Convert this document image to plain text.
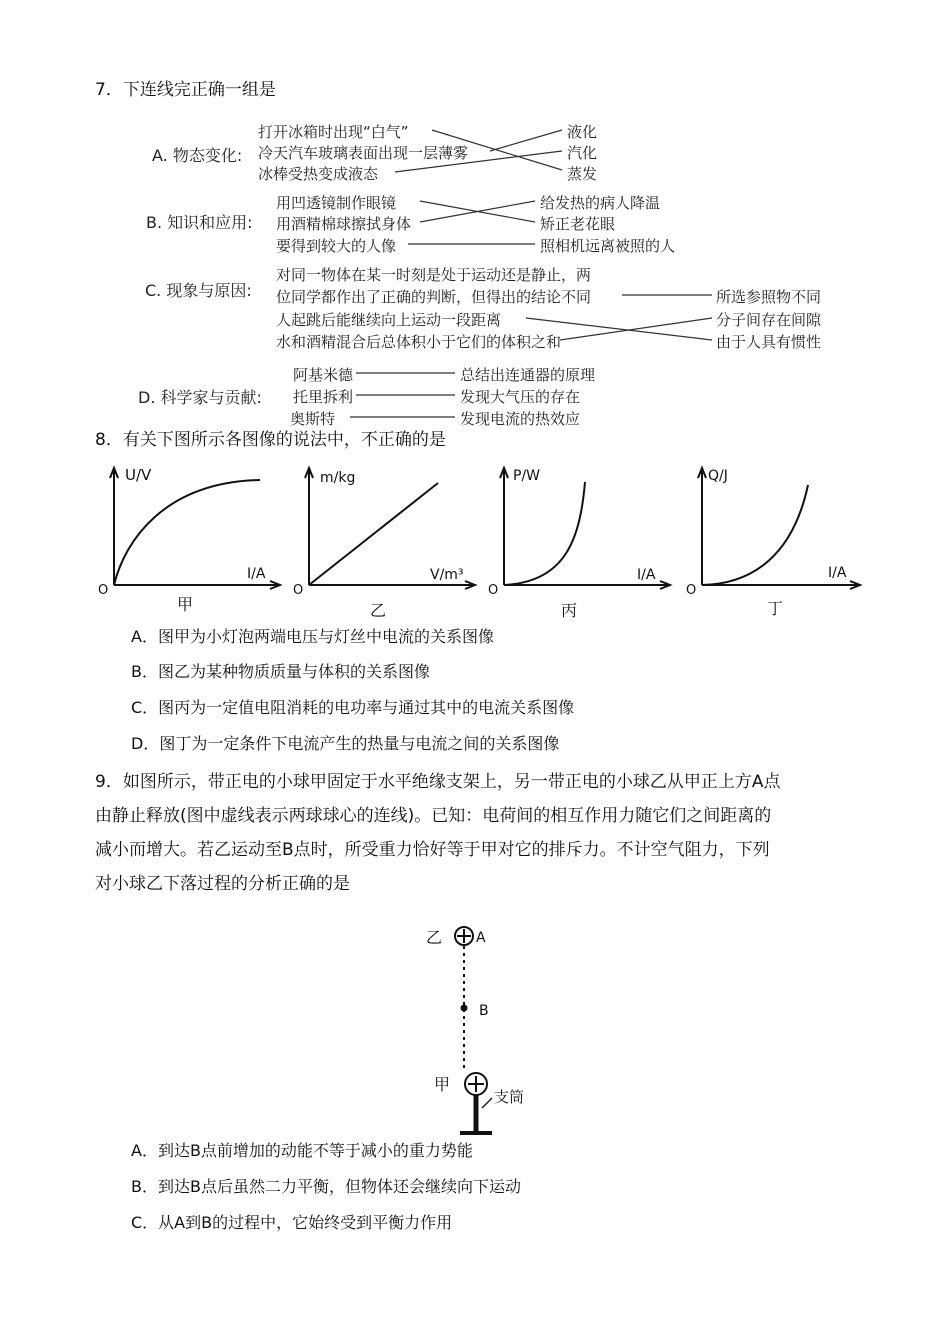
7．下连线完正确一组是
A. 物态变化:
打开冰箱时出现“白气”
冷天汽车玻璃表面出现一层薄雾
冰棒受热变成液态
液化
汽化
蒸发
B. 知识和应用:
用凹透镜制作眼镜
用酒精棉球擦拭身体
要得到较大的人像
给发热的病人降温
矫正老花眼
照相机远离被照的人
C. 现象与原因:
对同一物体在某一时刻是处于运动还是静止，两
位同学都作出了正确的判断，但得出的结论不同
人起跳后能继续向上运动一段距离
水和酒精混合后总体积小于它们的体积之和
所选参照物不同
分子间存在间隙
由于人具有惯性
D. 科学家与贡献:
阿基米德
托里拆利
奥斯特
总结出连通器的原理
发现大气压的存在
发现电流的热效应
8．有关下图所示各图像的说法中，不正确的是
U/V
I/A
O
甲
m/kg
V/m³
O
乙
P/W
I/A
O
丙
Q/J
I/A
O
丁
A．图甲为小灯泡两端电压与灯丝中电流的关系图像
B．图乙为某种物质质量与体积的关系图像
C．图丙为一定值电阻消耗的电功率与通过其中的电流关系图像
D．图丁为一定条件下电流产生的热量与电流之间的关系图像
9．如图所示，带正电的小球甲固定于水平绝缘支架上，另一带正电的小球乙从甲正上方A点
由静止释放(图中虚线表示两球球心的连线)。已知：电荷间的相互作用力随它们之间距离的
减小而增大。若乙运动至B点时，所受重力恰好等于甲对它的排斥力。不计空气阻力，下列
对小球乙下落过程的分析正确的是
乙 A
B
甲
支筒
A．到达B点前增加的动能不等于减小的重力势能
B．到达B点后虽然二力平衡，但物体还会继续向下运动
C．从A到B的过程中，它始终受到平衡力作用
